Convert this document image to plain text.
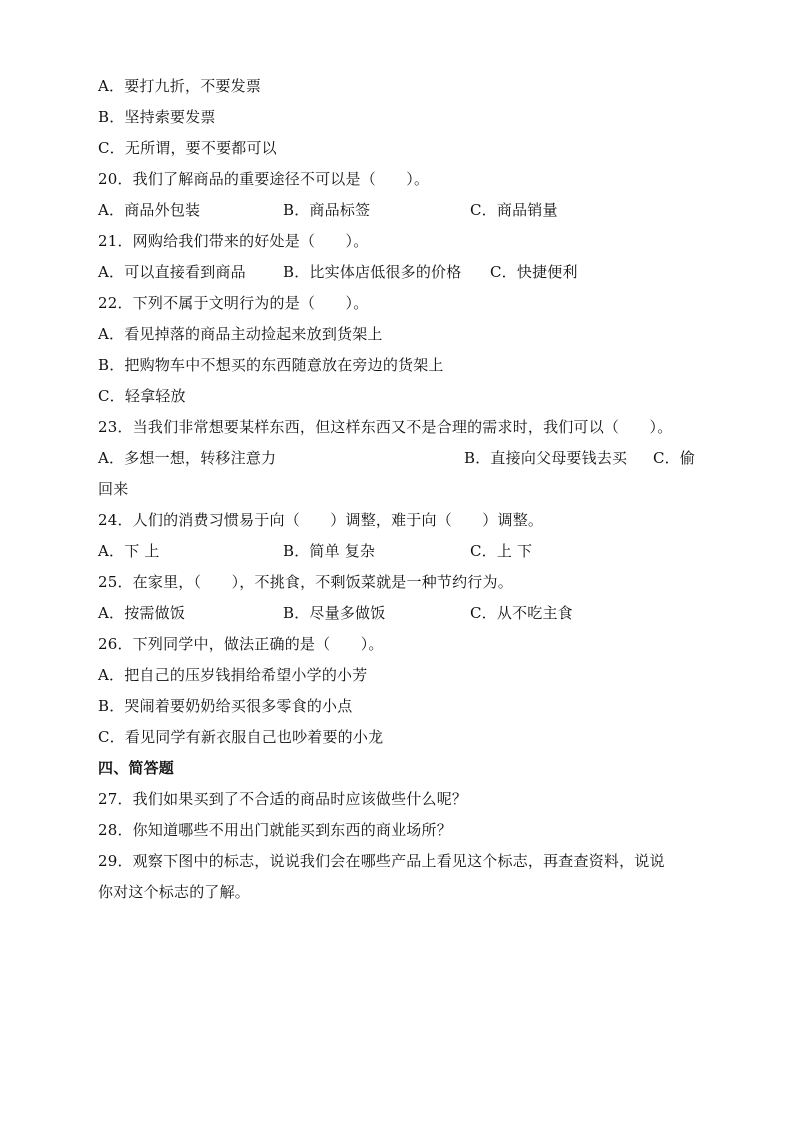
A．要打九折，不要发票
B．坚持索要发票
C．无所谓，要不要都可以
20．我们了解商品的重要途径不可以是（　　）。
A．商品外包装	B．商品标签	C．商品销量
21．网购给我们带来的好处是（　　）。
A．可以直接看到商品 B．比实体店低很多的价格 C．快捷便利
22．下列不属于文明行为的是（　　）。
A．看见掉落的商品主动捡起来放到货架上
B．把购物车中不想买的东西随意放在旁边的货架上
C．轻拿轻放
23．当我们非常想要某样东西，但这样东西又不是合理的需求时，我们可以（　　）。
A．多想一想，转移注意力	B．直接向父母要钱去买 C．偷
回来
24．人们的消费习惯易于向（　　）调整，难于向（　　）调整。
A．下 上	B．简单 复杂	C．上 下
25．在家里，（　　），不挑食，不剩饭菜就是一种节约行为。
A．按需做饭	B．尽量多做饭	C．从不吃主食
26．下列同学中，做法正确的是（　　）。
A．把自己的压岁钱捐给希望小学的小芳
B．哭闹着要奶奶给买很多零食的小点
C．看见同学有新衣服自己也吵着要的小龙
四、简答题
27．我们如果买到了不合适的商品时应该做些什么呢？
28．你知道哪些不用出门就能买到东西的商业场所？
29．观察下图中的标志，说说我们会在哪些产品上看见这个标志，再查查资料，说说
你对这个标志的了解。
